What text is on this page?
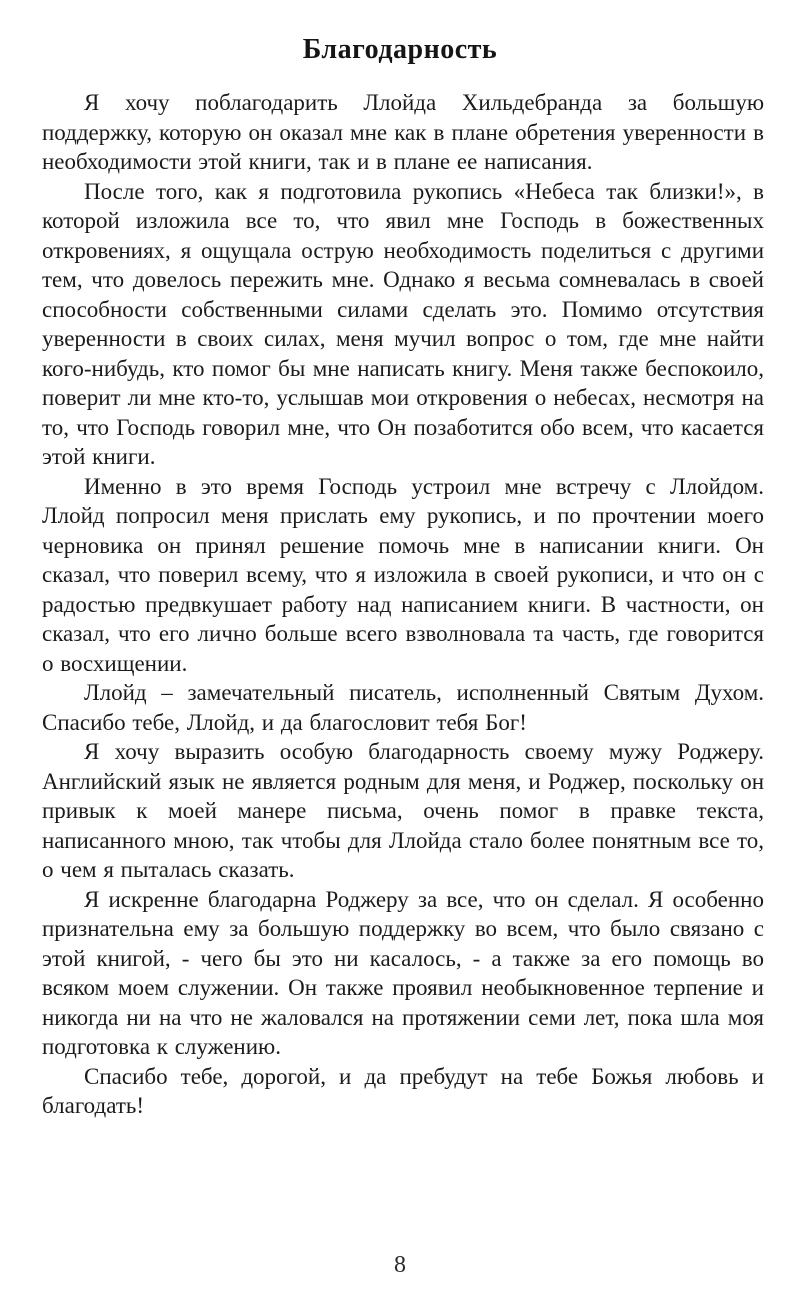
Благодарность

Я хочу поблагодарить Ллойда Хильдебранда за большую поддержку, которую он оказал мне как в плане обретения уверенности в необходимости этой книги, так и в плане ее написания.

После того, как я подготовила рукопись «Небеса так близки!», в которой изложила все то, что явил мне Господь в божественных откровениях, я ощущала острую необходимость поделиться с другими тем, что довелось пережить мне. Однако я весьма сомневалась в своей способности собственными силами сделать это. Помимо отсутствия уверенности в своих силах, меня мучил вопрос о том, где мне найти кого-нибудь, кто помог бы мне написать книгу. Меня также беспокоило, поверит ли мне кто-то, услышав мои откровения о небесах, несмотря на то, что Господь говорил мне, что Он позаботится обо всем, что касается этой книги.

Именно в это время Господь устроил мне встречу с Ллойдом. Ллойд попросил меня прислать ему рукопись, и по прочтении моего черновика он принял решение помочь мне в написании книги. Он сказал, что поверил всему, что я изложила в своей рукописи, и что он с радостью предвкушает работу над написанием книги. В частности, он сказал, что его лично больше всего взволновала та часть, где говорится о восхищении.

Ллойд – замечательный писатель, исполненный Святым Духом. Спасибо тебе, Ллойд, и да благословит тебя Бог!

Я хочу выразить особую благодарность своему мужу Роджеру. Английский язык не является родным для меня, и Роджер, поскольку он привык к моей манере письма, очень помог в правке текста, написанного мною, так чтобы для Ллойда стало более понятным все то, о чем я пыталась сказать.

Я искренне благодарна Роджеру за все, что он сделал. Я особенно признательна ему за большую поддержку во всем, что было связано с этой книгой, - чего бы это ни касалось, - а также за его помощь во всяком моем служении. Он также проявил необыкновенное терпение и никогда ни на что не жаловался на протяжении семи лет, пока шла моя подготовка к служению.

Спасибо тебе, дорогой, и да пребудут на тебе Божья любовь и благодать!

8
